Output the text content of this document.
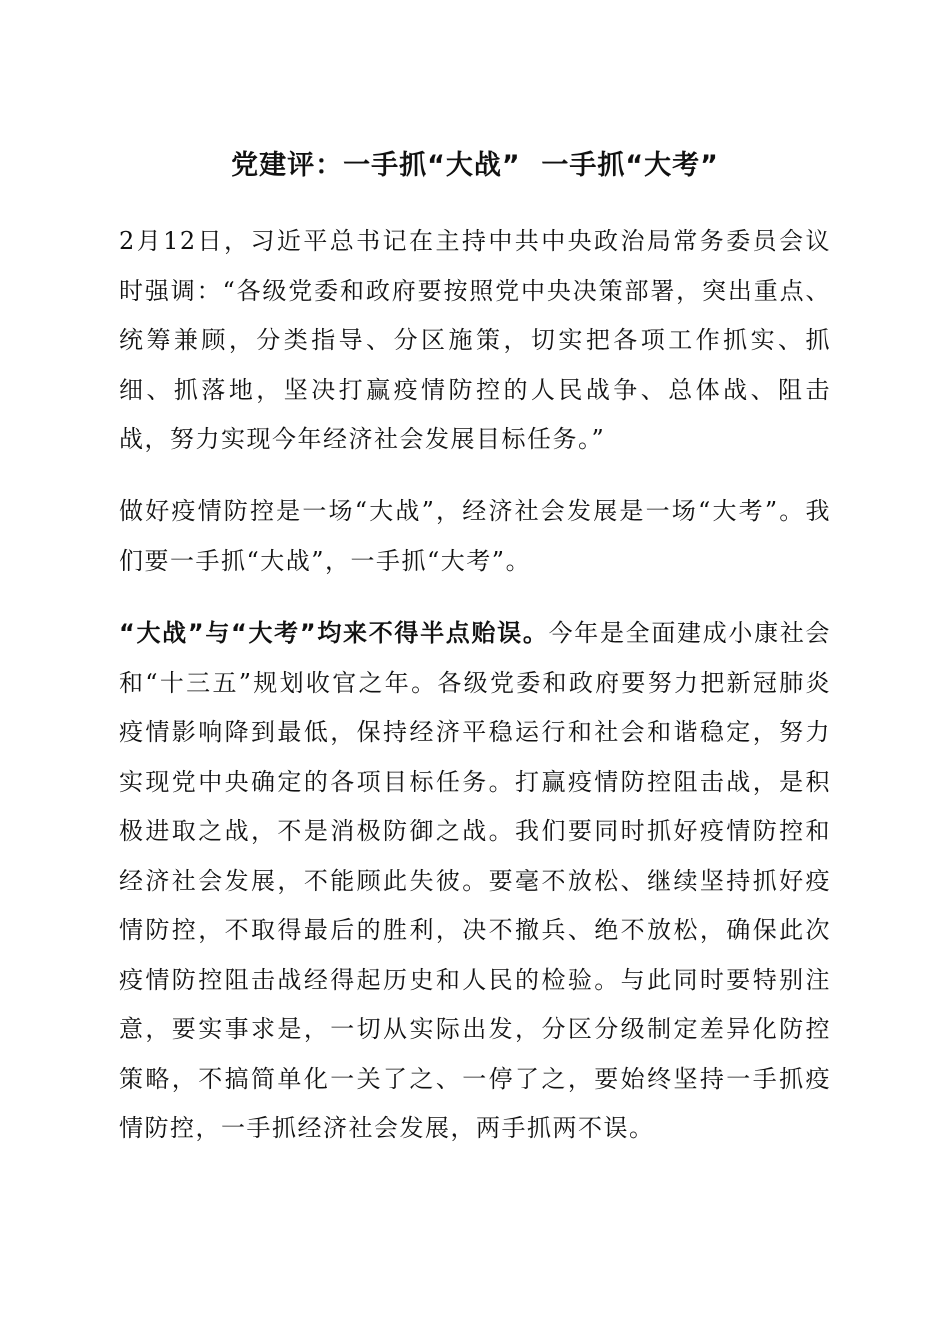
党建评：一手抓“大战”  一手抓“大考”

2月12日，习近平总书记在主持中共中央政治局常务委员会议时强调：“各级党委和政府要按照党中央决策部署，突出重点、统筹兼顾，分类指导、分区施策，切实把各项工作抓实、抓细、抓落地，坚决打赢疫情防控的人民战争、总体战、阻击战，努力实现今年经济社会发展目标任务。”

做好疫情防控是一场“大战”，经济社会发展是一场“大考”。我们要一手抓“大战”，一手抓“大考”。

“大战”与“大考”均来不得半点贻误。今年是全面建成小康社会和“十三五”规划收官之年。各级党委和政府要努力把新冠肺炎疫情影响降到最低，保持经济平稳运行和社会和谐稳定，努力实现党中央确定的各项目标任务。打赢疫情防控阻击战，是积极进取之战，不是消极防御之战。我们要同时抓好疫情防控和经济社会发展，不能顾此失彼。要毫不放松、继续坚持抓好疫情防控，不取得最后的胜利，决不撤兵、绝不放松，确保此次疫情防控阻击战经得起历史和人民的检验。与此同时要特别注意，要实事求是，一切从实际出发，分区分级制定差异化防控策略，不搞简单化一关了之、一停了之，要始终坚持一手抓疫情防控，一手抓经济社会发展，两手抓两不误。
